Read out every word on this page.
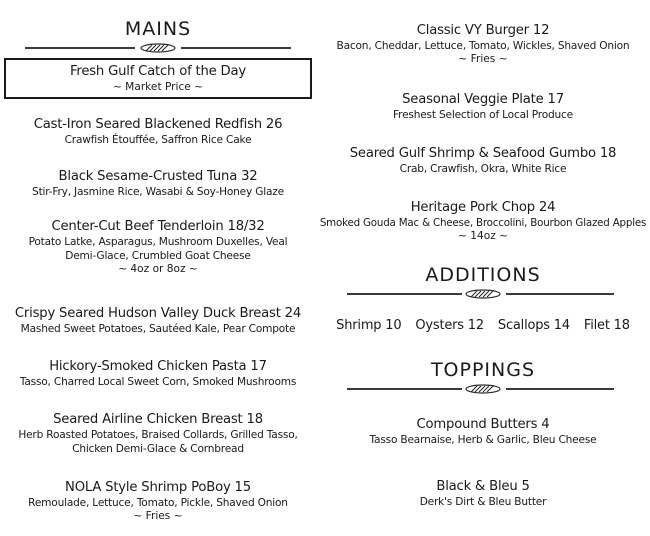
MAINS
Fresh Gulf Catch of the Day
~ Market Price ~
Cast-Iron Seared Blackened Redfish 26
Crawfish Étouffée, Saffron Rice Cake
Black Sesame-Crusted Tuna 32
Stir-Fry, Jasmine Rice, Wasabi & Soy-Honey Glaze
Center-Cut Beef Tenderloin 18/32
Potato Latke, Asparagus, Mushroom Duxelles, Veal
Demi-Glace, Crumbled Goat Cheese
~ 4oz or 8oz ~
Crispy Seared Hudson Valley Duck Breast 24
Mashed Sweet Potatoes, Sautéed Kale, Pear Compote
Hickory-Smoked Chicken Pasta 17
Tasso, Charred Local Sweet Corn, Smoked Mushrooms
Seared Airline Chicken Breast 18
Herb Roasted Potatoes, Braised Collards, Grilled Tasso,
Chicken Demi-Glace & Cornbread
NOLA Style Shrimp PoBoy 15
Remoulade, Lettuce, Tomato, Pickle, Shaved Onion
~ Fries ~
Classic VY Burger 12
Bacon, Cheddar, Lettuce, Tomato, Wickles, Shaved Onion
~ Fries ~
Seasonal Veggie Plate 17
Freshest Selection of Local Produce
Seared Gulf Shrimp & Seafood Gumbo 18
Crab, Crawfish, Okra, White Rice
Heritage Pork Chop 24
Smoked Gouda Mac & Cheese, Broccolini, Bourbon Glazed Apples
~ 14oz ~
ADDITIONS
Shrimp 10 Oysters 12 Scallops 14 Filet 18
TOPPINGS
Compound Butters 4
Tasso Bearnaise, Herb & Garlic, Bleu Cheese
Black & Bleu 5
Derk's Dirt & Bleu Butter
